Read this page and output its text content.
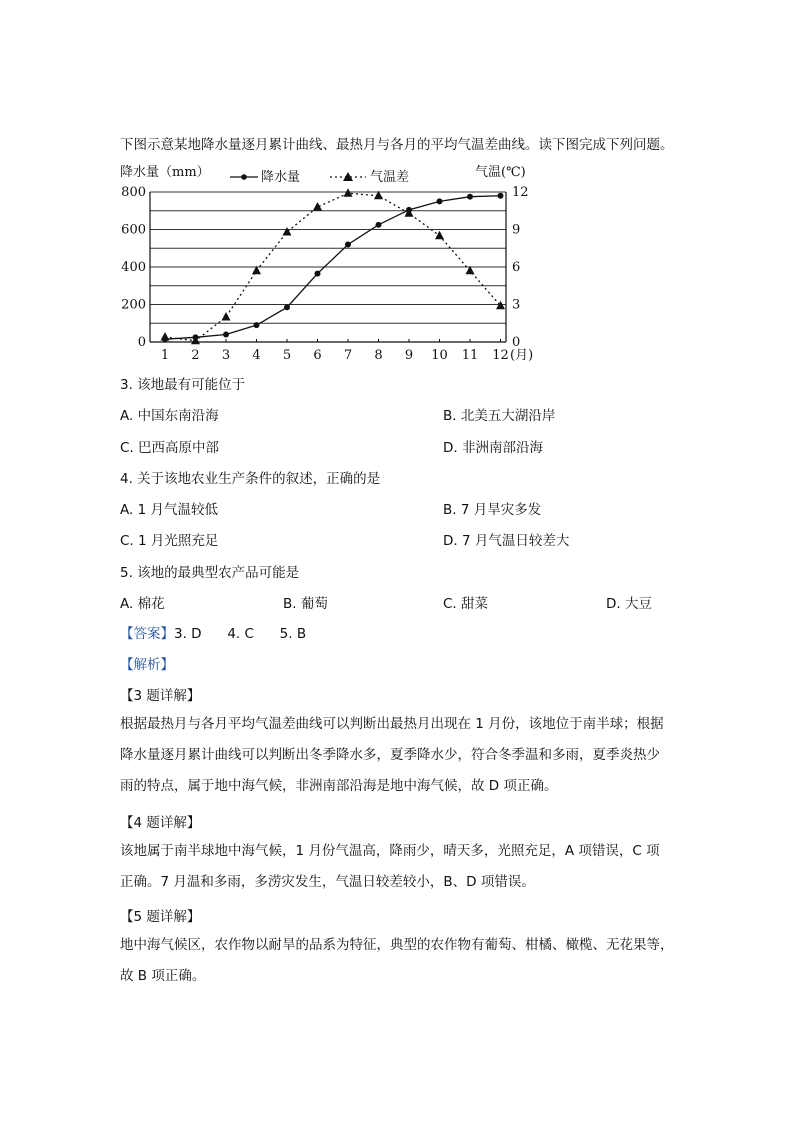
下图示意某地降水量逐月累计曲线、最热月与各月的平均气温差曲线。读下图完成下列问题。
0
200
400
600
800
0
3
6
9
12
1 2 3 4 5 6 7 8 9 10 11 12 (月)
降水量（mm）	气温(℃)
降水量	气温差
3. 该地最有可能位于
A. 中国东南沿海	B. 北美五大湖沿岸
C. 巴西高原中部	D. 非洲南部沿海
4. 关于该地农业生产条件的叙述，正确的是
A. 1 月气温较低	B. 7 月旱灾多发
C. 1 月光照充足	D. 7 月气温日较差大
5. 该地的最典型农产品可能是
A. 棉花	B. 葡萄	C. 甜菜	D. 大豆
【答案】3. D      4. C      5. B
【解析】
【3 题详解】
根据最热月与各月平均气温差曲线可以判断出最热月出现在 1 月份，该地位于南半球；根据
降水量逐月累计曲线可以判断出冬季降水多，夏季降水少，符合冬季温和多雨，夏季炎热少
雨的特点，属于地中海气候，非洲南部沿海是地中海气候，故 D 项正确。
【4 题详解】
该地属于南半球地中海气候，1 月份气温高，降雨少，晴天多，光照充足，A 项错误，C 项
正确。7 月温和多雨，多涝灾发生，气温日较差较小，B、D 项错误。
【5 题详解】
地中海气候区，农作物以耐旱的品系为特征，典型的农作物有葡萄、柑橘、橄榄、无花果等，
故 B 项正确。
